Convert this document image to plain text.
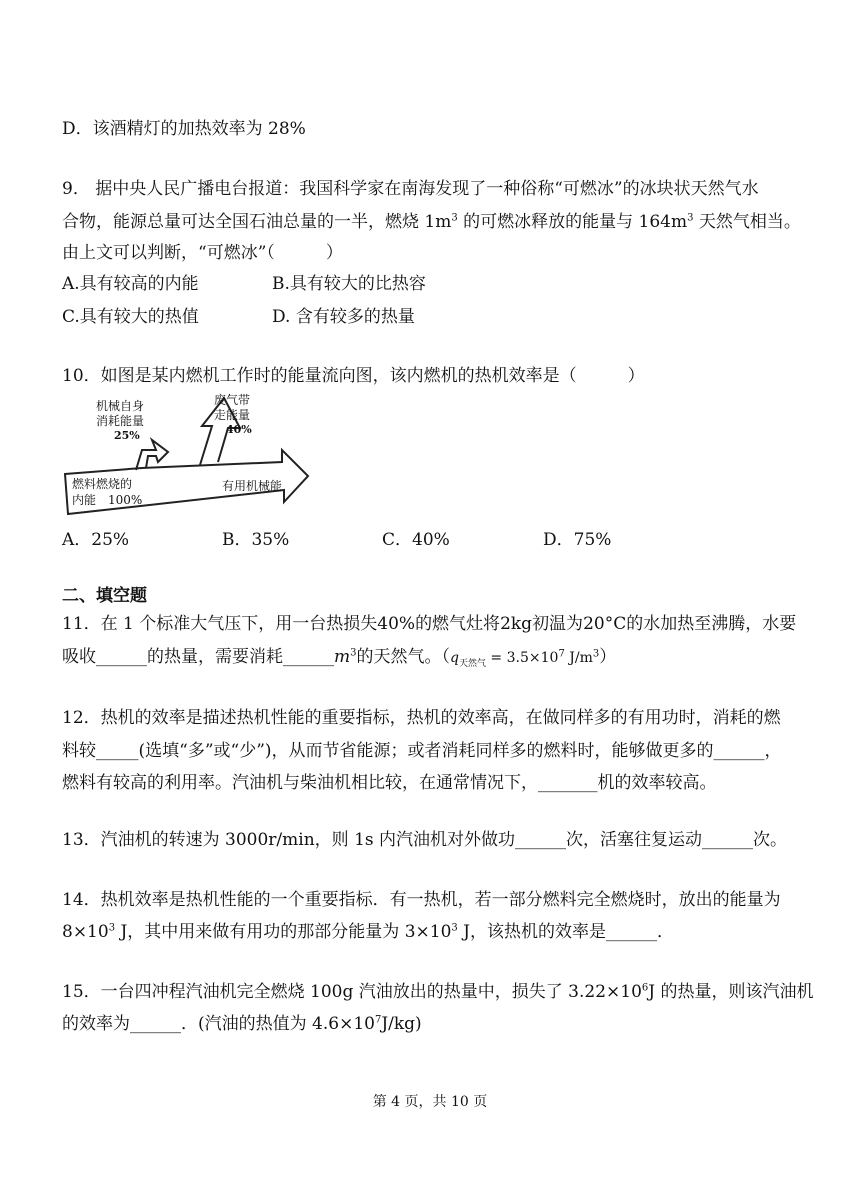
D．该酒精灯的加热效率为 28%
9． 据中央人民广播电台报道：我国科学家在南海发现了一种俗称“可燃冰”的冰块状天然气水
合物，能源总量可达全国石油总量的一半，燃烧 $1m^3$ 的可燃冰释放的能量与 $164m^3$ 天然气相当。
由上文可以判断，“可燃冰”（　　　）
A.具有较高的内能	B.具有较大的比热容
C.具有较大的热值	D. 含有较多的热量
10．如图是某内燃机工作时的能量流向图，该内燃机的热机效率是（　　　）
机械自身
消耗能量
25%
废气带
走能量
40%
燃料燃烧的
内能　100%
有用机械能
A．25%	B．35%	C．40%	D．75%
二、填空题
11．在 1 个标准大气压下，用一台热损失40%的燃气灶将2kg初温为20°C的水加热至沸腾，水要
吸收______的热量，需要消耗$\_\_\_\_\_\_m^3$的天然气。（$q_{天然气} = 3.5\times 10^7$ $J/m^3$）
12．热机的效率是描述热机性能的重要指标，热机的效率高，在做同样多的有用功时，消耗的燃
料较_____(选填“多”或“少”)，从而节省能源；或者消耗同样多的燃料时，能够做更多的______，
燃料有较高的利用率。汽油机与柴油机相比较，在通常情况下，_______机的效率较高。
13．汽油机的转速为 3000r/min，则 1s 内汽油机对外做功______次，活塞往复运动______次。
14．热机效率是热机性能的一个重要指标．有一热机，若一部分燃料完全燃烧时，放出的能量为
$8\times 10^3$ J，其中用来做有用功的那部分能量为 $3\times 10^3$ J，该热机的效率是______．
15．一台四冲程汽油机完全燃烧 100g 汽油放出的热量中，损失了 $3.22\times 10^6J$ 的热量，则该汽油机
的效率为______．(汽油的热值为 $4.6\times 10^7J/kg$)
第 4 页，共 10 页
